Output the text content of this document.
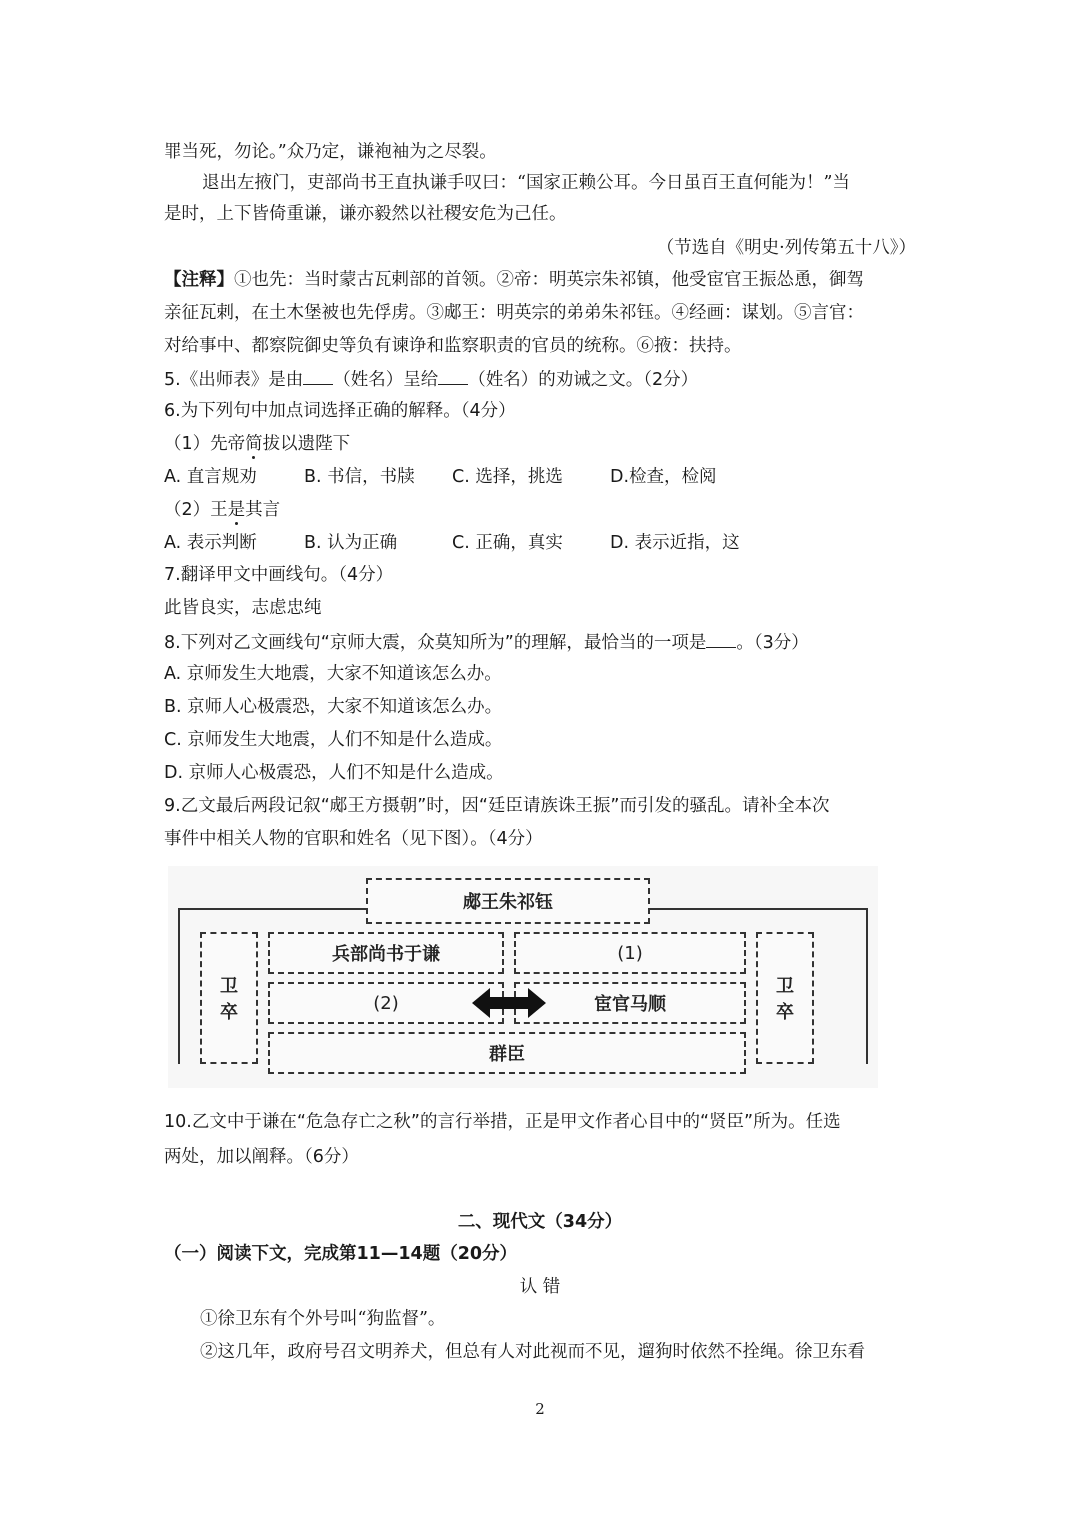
罪当死，勿论。”众乃定，谦袍袖为之尽裂。
退出左掖门，吏部尚书王直执谦手叹曰：“国家正赖公耳。今日虽百王直何能为！”当
是时，上下皆倚重谦，谦亦毅然以社稷安危为己任。
（节选自《明史·列传第五十八》）
【注释】①也先：当时蒙古瓦剌部的首领。②帝：明英宗朱祁镇，他受宦官王振怂恿，御驾
亲征瓦剌，在土木堡被也先俘虏。③郕王：明英宗的弟弟朱祁钰。④经画：谋划。⑤言官：
对给事中、都察院御史等负有谏诤和监察职责的官员的统称。⑥掖：扶持。
5.《出师表》是由 （姓名）呈给 （姓名）的劝诫之文。（2分）
6.为下列句中加点词选择正确的解释。（4分）
（1）先帝简拔以遗陛下
A. 直言规劝	B. 书信，书牍 C. 选择，挑选	D.检查，检阅
（2）王是其言
A. 表示判断	B. 认为正确	C. 正确，真实	D. 表示近指，这
7.翻译甲文中画线句。（4分）
此皆良实，志虑忠纯
8.下列对乙文画线句“京师大震，众莫知所为”的理解，最恰当的一项是 。（3分）
A. 京师发生大地震，大家不知道该怎么办。
B. 京师人心极震恐，大家不知道该怎么办。
C. 京师发生大地震，人们不知是什么造成。
D. 京师人心极震恐，人们不知是什么造成。
9.乙文最后两段记叙“郕王方摄朝”时，因“廷臣请族诛王振”而引发的骚乱。请补全本次
事件中相关人物的官职和姓名（见下图）。（4分）
郕王朱祁钰
卫
卒
卫
卒
兵部尚书于谦	(1)
(2)	宦官马顺
群臣
10.乙文中于谦在“危急存亡之秋”的言行举措，正是甲文作者心目中的“贤臣”所为。任选
两处，加以阐释。（6分）
二、现代文（34分）
（一）阅读下文，完成第11—14题（20分）
认 错
①徐卫东有个外号叫“狗监督”。
②这几年，政府号召文明养犬，但总有人对此视而不见，遛狗时依然不拴绳。徐卫东看
2
